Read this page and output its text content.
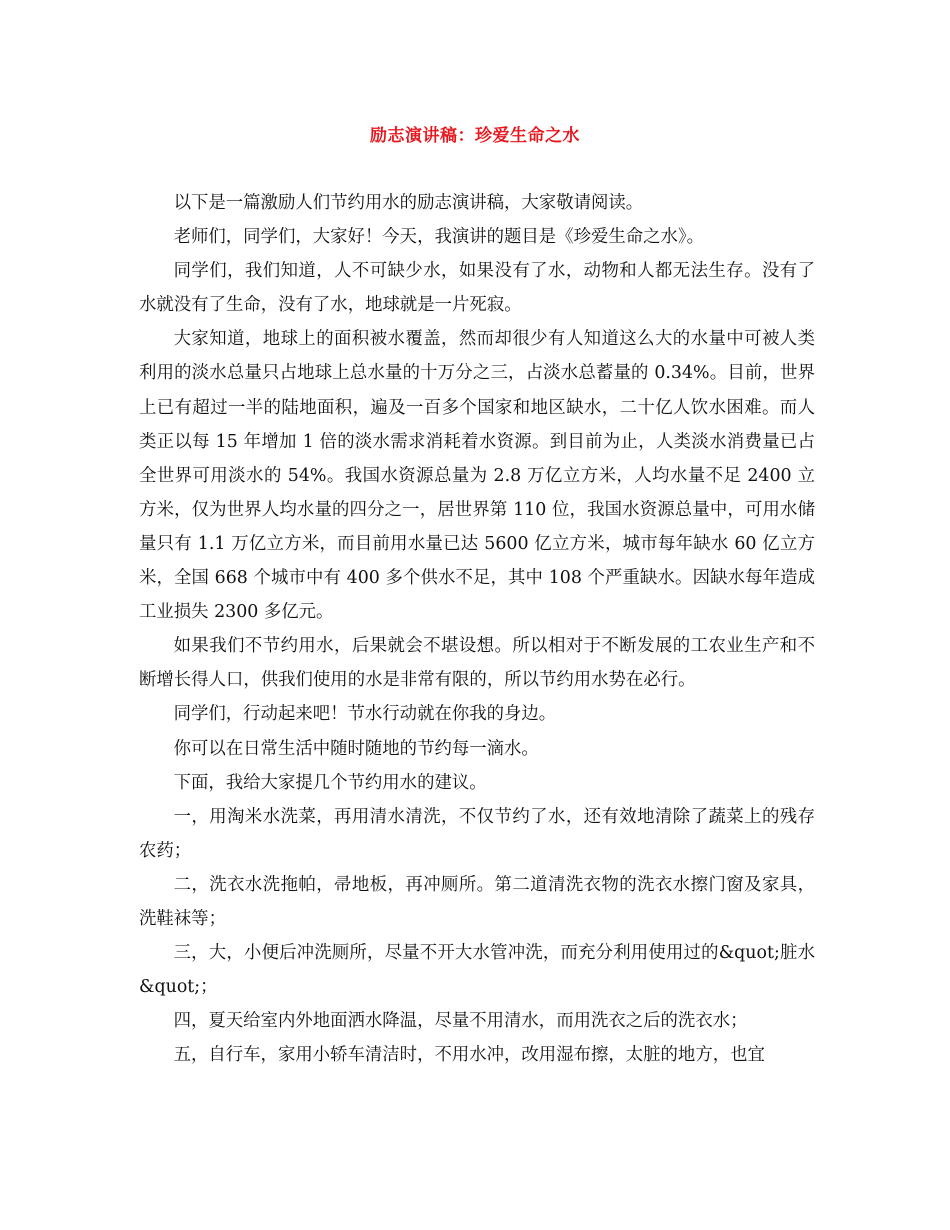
励志演讲稿：珍爱生命之水

以下是一篇激励人们节约用水的励志演讲稿，大家敬请阅读。

老师们，同学们，大家好！今天，我演讲的题目是《珍爱生命之水》。

同学们，我们知道，人不可缺少水，如果没有了水，动物和人都无法生存。没有了水就没有了生命，没有了水，地球就是一片死寂。

大家知道，地球上的面积被水覆盖，然而却很少有人知道这么大的水量中可被人类利用的淡水总量只占地球上总水量的十万分之三，占淡水总蓄量的 0.34%。目前，世界上已有超过一半的陆地面积，遍及一百多个国家和地区缺水，二十亿人饮水困难。而人类正以每 15 年增加 1 倍的淡水需求消耗着水资源。到目前为止，人类淡水消费量已占全世界可用淡水的 54%。我国水资源总量为 2.8 万亿立方米，人均水量不足 2400 立方米，仅为世界人均水量的四分之一，居世界第 110 位，我国水资源总量中，可用水储量只有 1.1 万亿立方米，而目前用水量已达 5600 亿立方米，城市每年缺水 60 亿立方米，全国 668 个城市中有 400 多个供水不足，其中 108 个严重缺水。因缺水每年造成工业损失 2300 多亿元。

如果我们不节约用水，后果就会不堪设想。所以相对于不断发展的工农业生产和不断增长得人口，供我们使用的水是非常有限的，所以节约用水势在必行。

同学们，行动起来吧！节水行动就在你我的身边。

你可以在日常生活中随时随地的节约每一滴水。

下面，我给大家提几个节约用水的建议。

一，用淘米水洗菜，再用清水清洗，不仅节约了水，还有效地清除了蔬菜上的残存农药；

二，洗衣水洗拖帕，帚地板，再冲厕所。第二道清洗衣物的洗衣水擦门窗及家具，洗鞋袜等；

三，大，小便后冲洗厕所，尽量不开大水管冲洗，而充分利用使用过的&quot;脏水&quot;；

四，夏天给室内外地面洒水降温，尽量不用清水，而用洗衣之后的洗衣水；

五，自行车，家用小轿车清洁时，不用水冲，改用湿布擦，太脏的地方，也宜
